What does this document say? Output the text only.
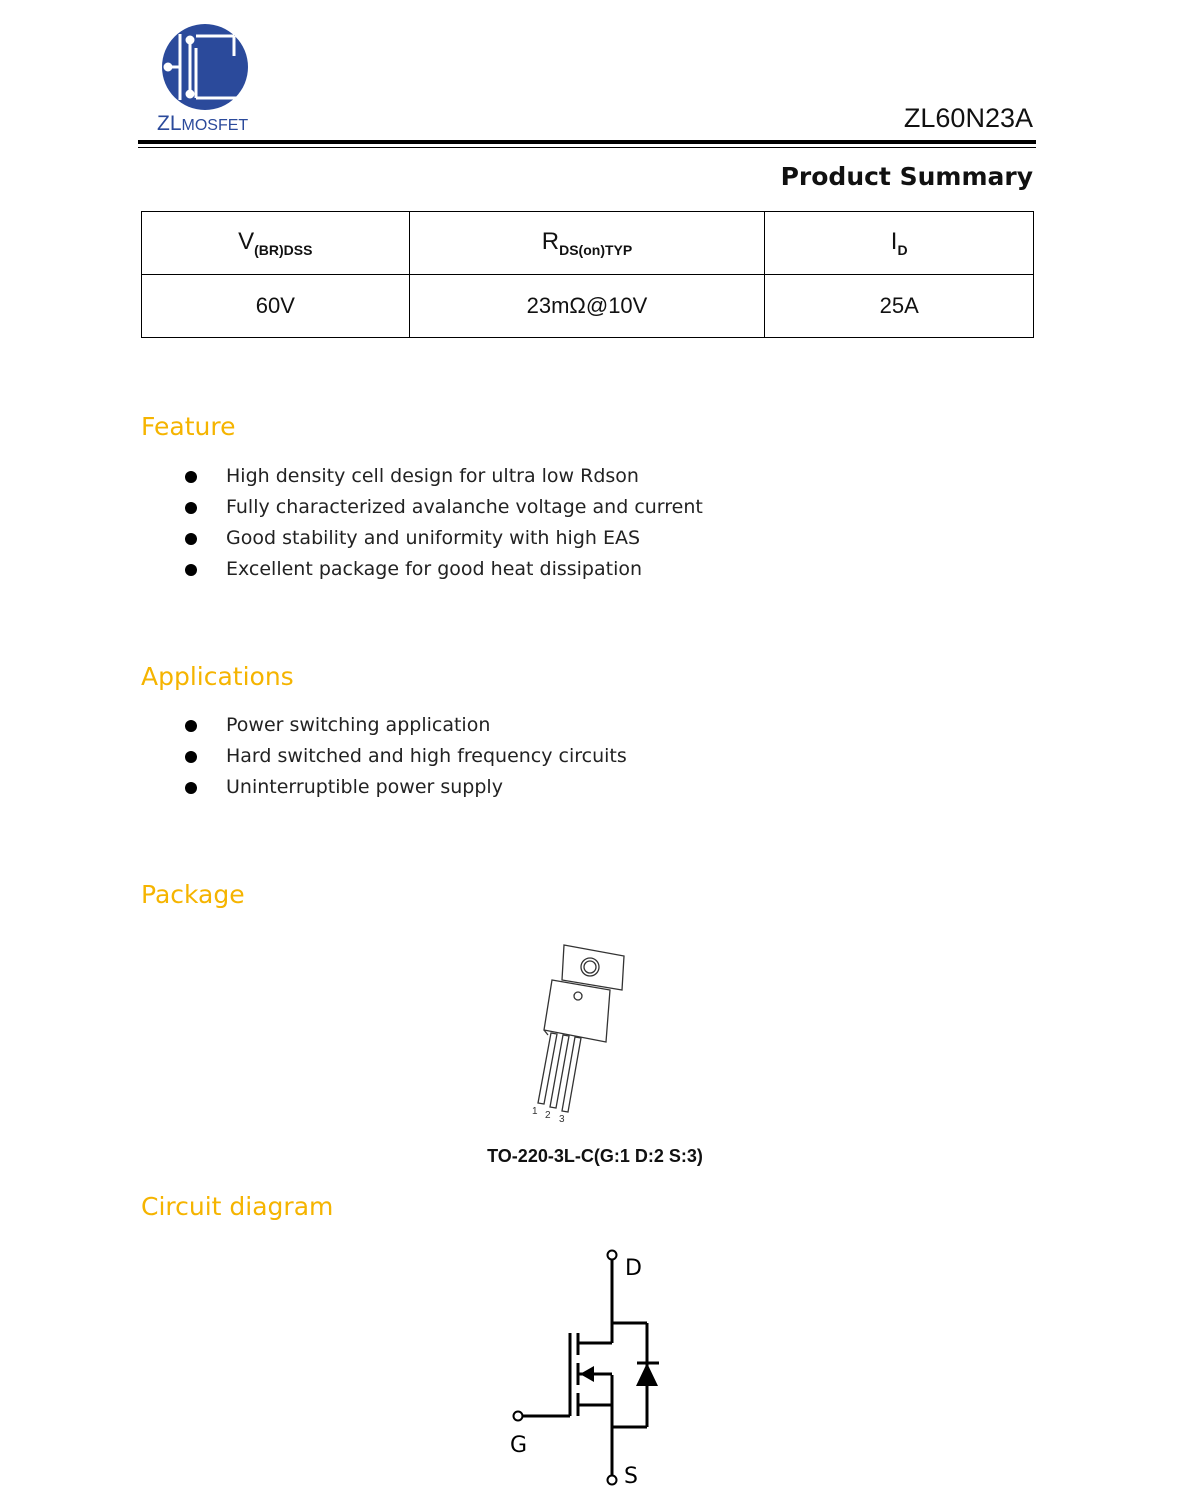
ZLMOSFET	ZL60N23A
Product Summary
$V_{(BR)DSS}$	$R_{DS(on)TYP}$	$I_D$
60V	23mΩ@10V	25A
Feature
High density cell design for ultra low Rdson
Fully characterized avalanche voltage and current
Good stability and uniformity with high EAS
Excellent package for good heat dissipation
Applications
Power switching application
Hard switched and high frequency circuits
Uninterruptible power supply
Package
1 2 3
TO-220-3L-C(G:1 D:2 S:3)
Circuit diagram
D
G
S
